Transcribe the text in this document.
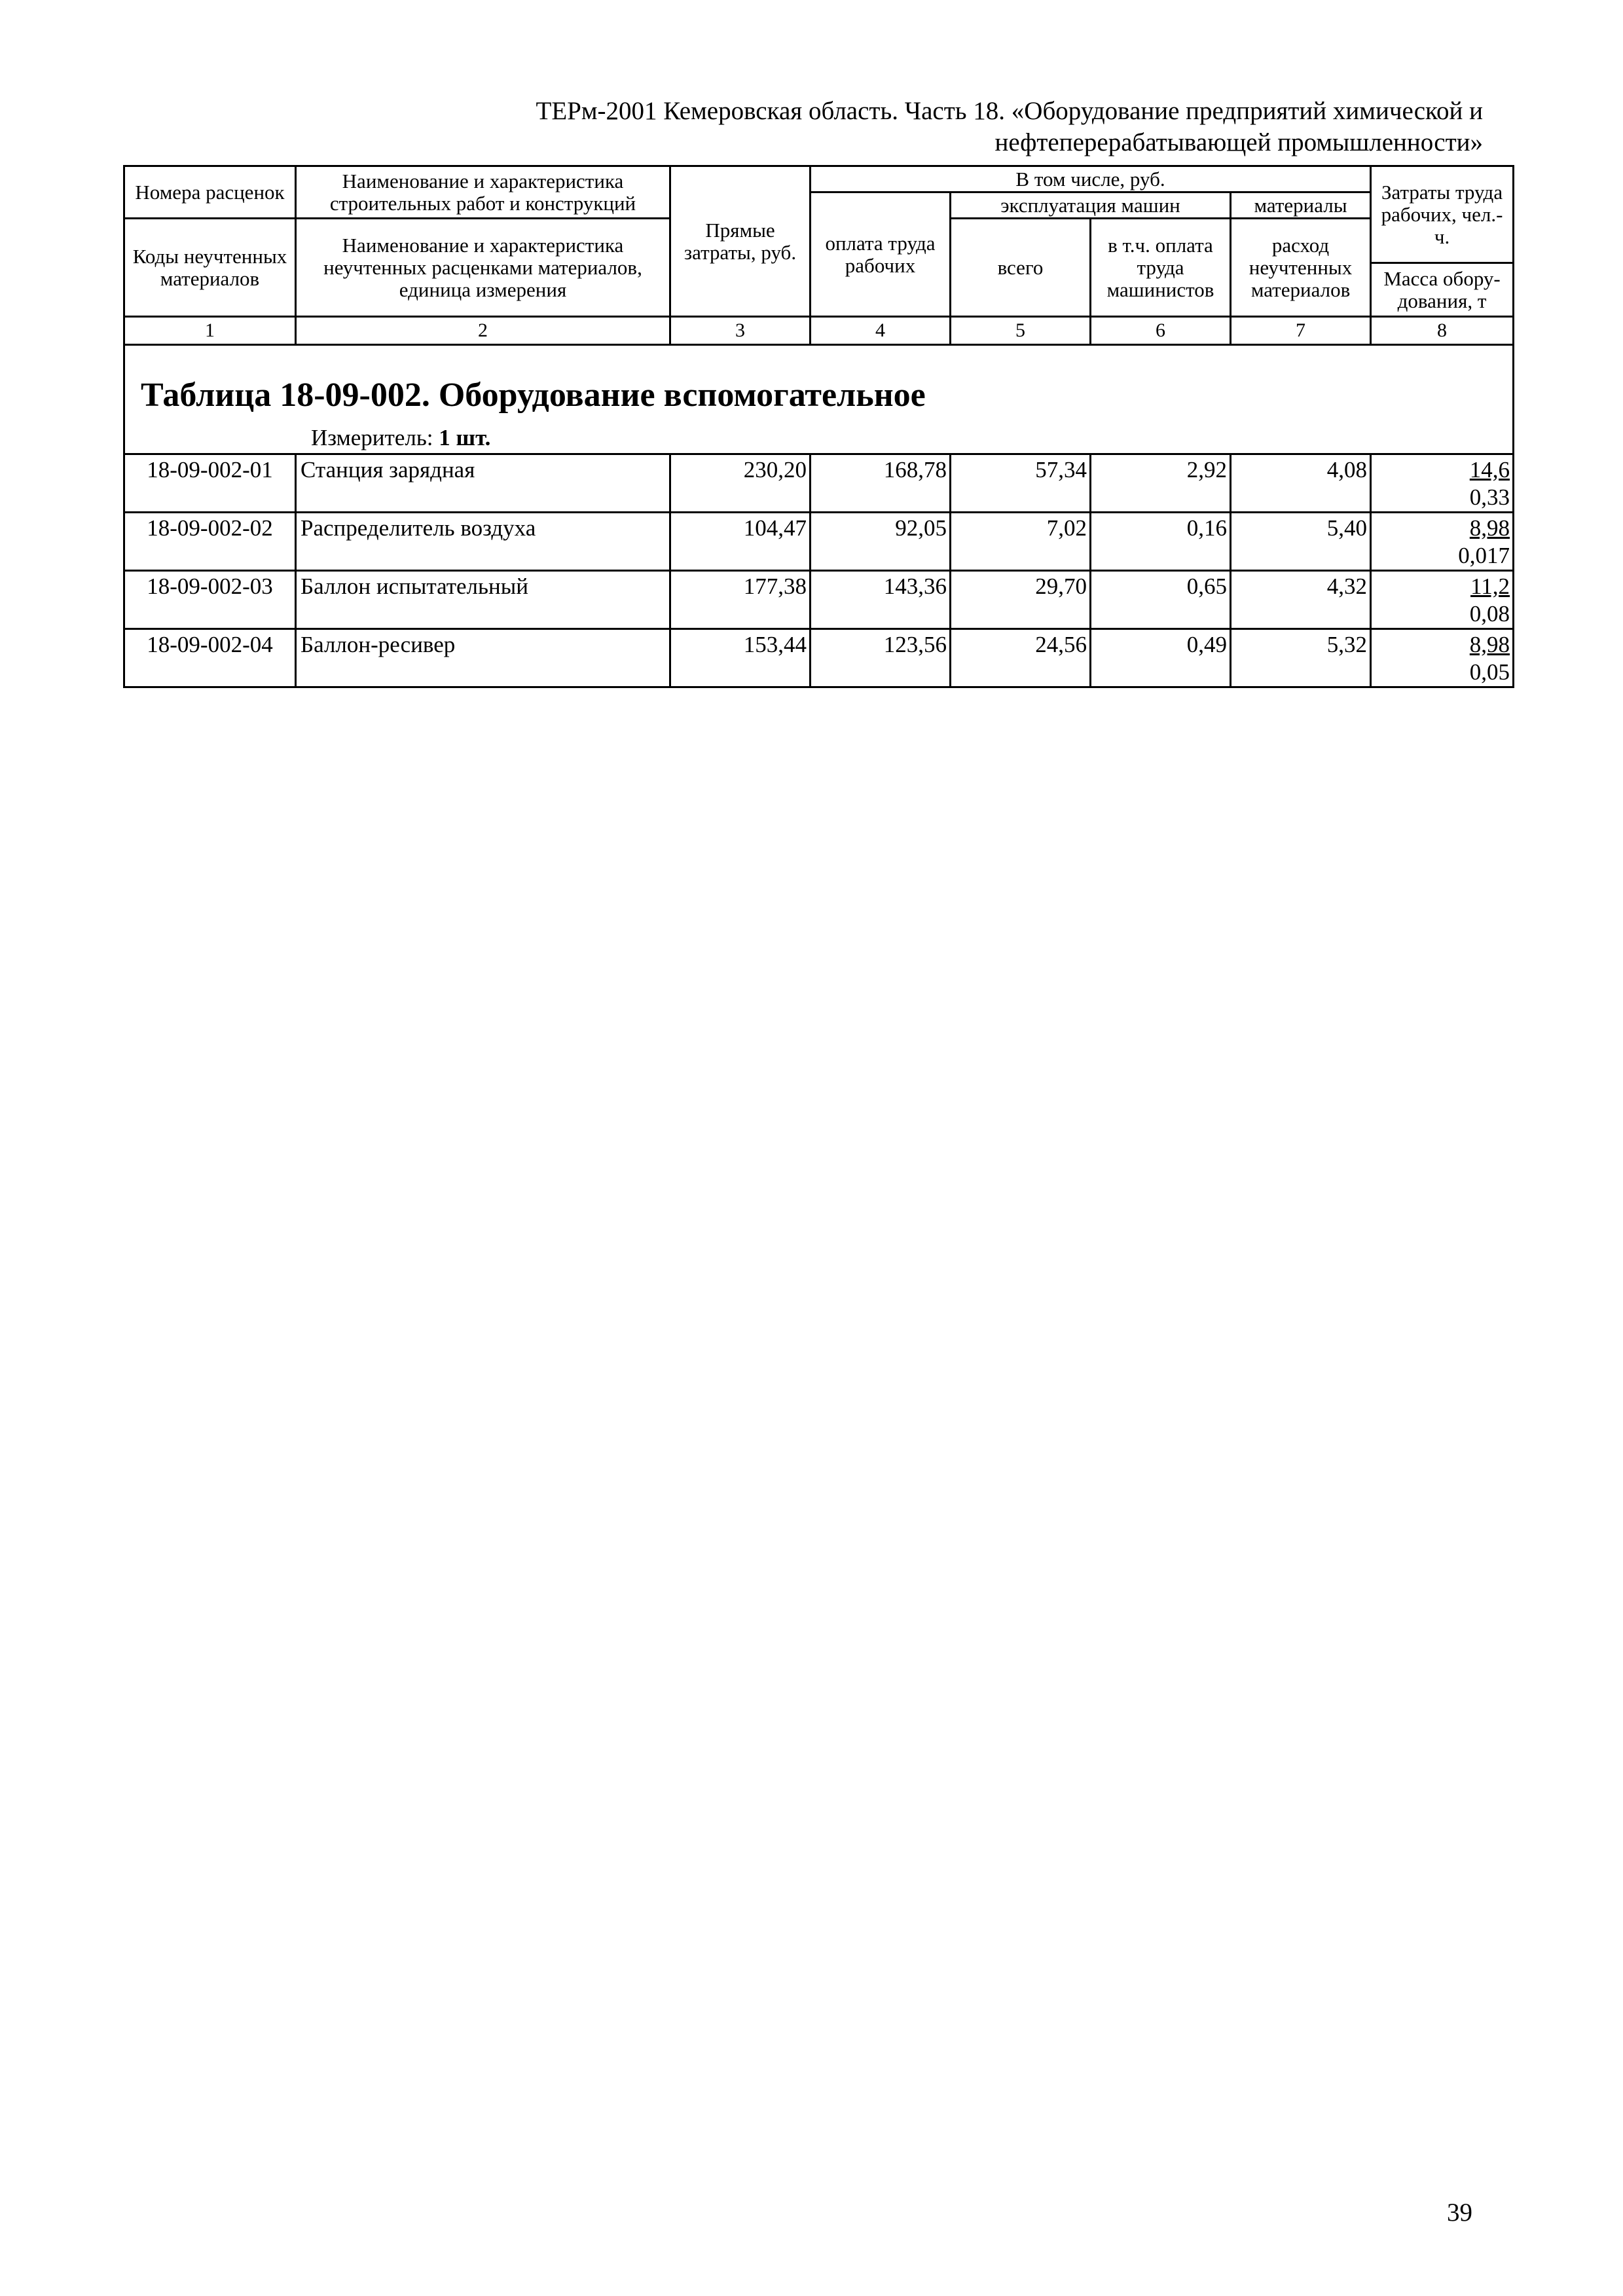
ТЕРм-2001 Кемеровская область. Часть 18. «Оборудование предприятий химической и
нефтеперерабатывающей промышленности»
Номера расценок	Наименование и характеристика строительных работ и конструкций	Прямые затраты, руб.	В том числе, руб.				Затраты труда рабочих, чел.-ч.
			оплата труда рабочих	эксплуатация машин		материалы	
Коды неучтенных материалов	Наименование и характеристика неучтенных расценками материалов, единица измерения			всего	в т.ч. оплата труда машинистов	расход неучтенных материалов	

							Масса обору-дования, т
1	2	3	4	5	6	7	8

Таблица 18-09-002. Оборудование вспомогательное
Измеритель: 1 шт.							

18-09-002-01	Станция зарядная	230,20	168,78	57,34	2,92	4,08	14,6
0,33

18-09-002-02	Распределитель воздуха	104,47	92,05	7,02	0,16	5,40	8,98
0,017

18-09-002-03	Баллон испытательный	177,38	143,36	29,70	0,65	4,32	11,2
0,08

18-09-002-04	Баллон-ресивер	153,44	123,56	24,56	0,49	5,32	8,98
0,05
39
